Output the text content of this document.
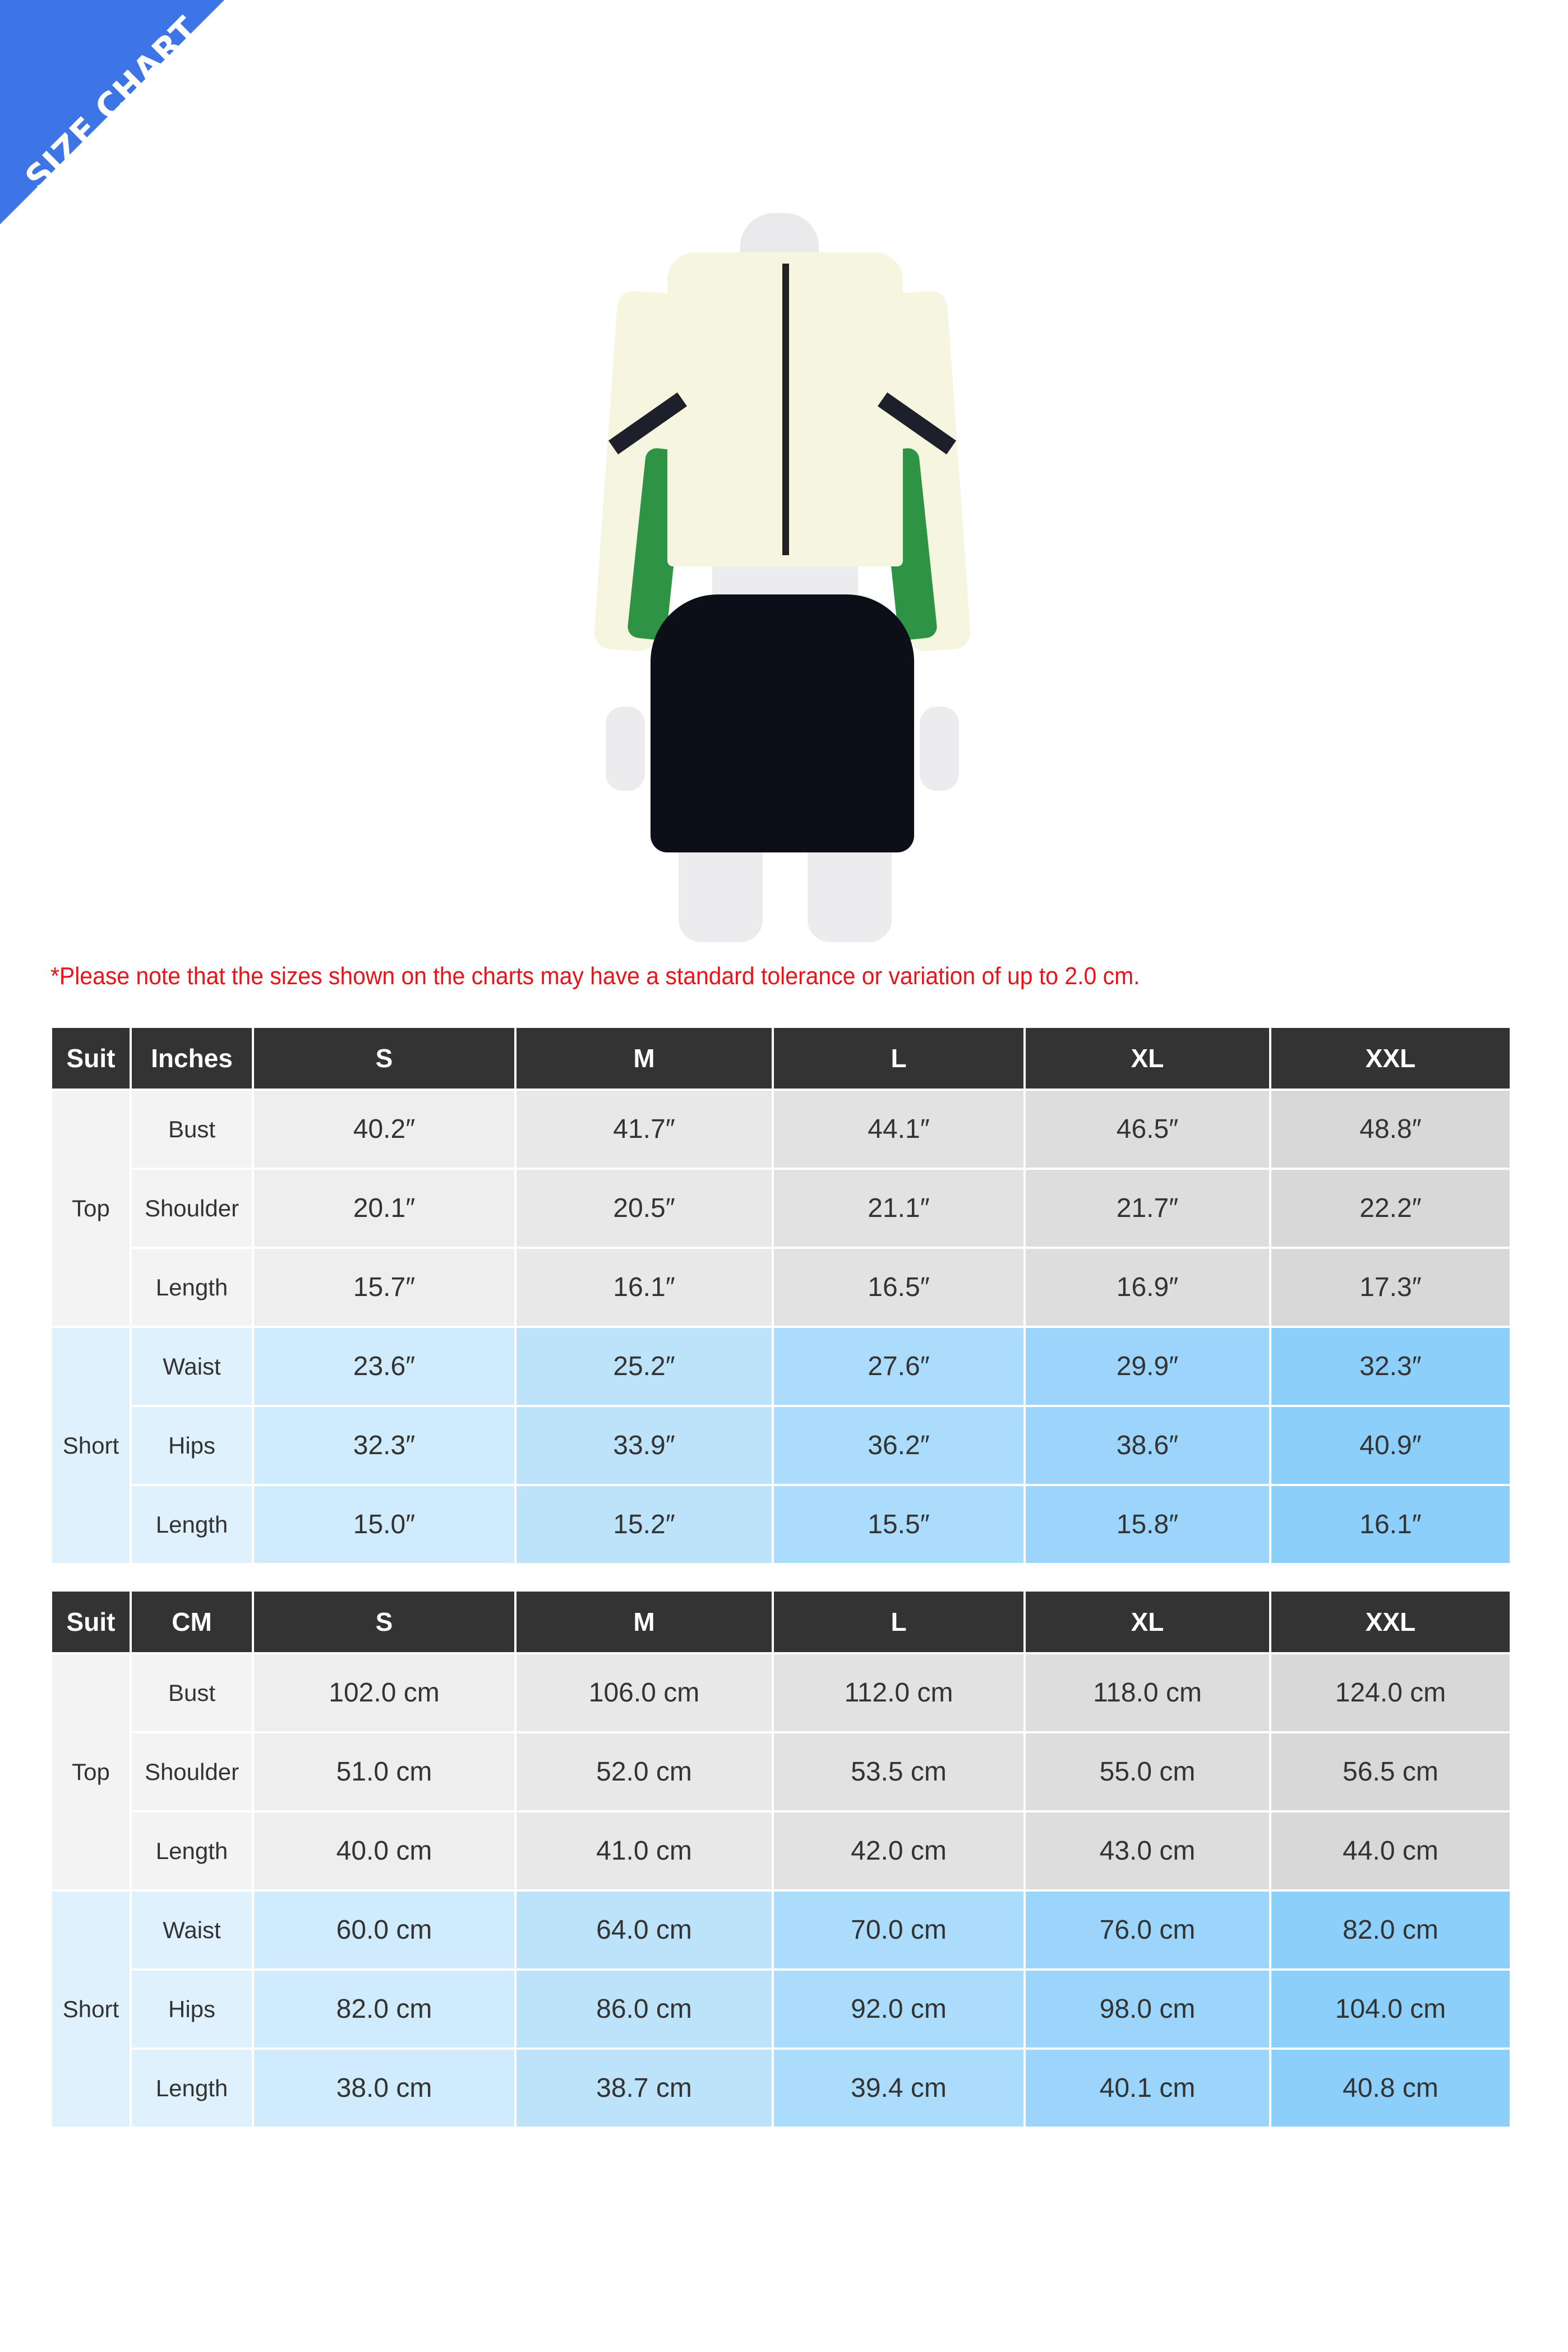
SIZE CHART
*Please note that the sizes shown on the charts may have a standard tolerance or variation of up to 2.0 cm.
Suit	Inches	S	M	L	XL	XXL
Top	Bust	40.2″	41.7″	44.1″	46.5″	48.8″
	Shoulder	20.1″	20.5″	21.1″	21.7″	22.2″
	Length	15.7″	16.1″	16.5″	16.9″	17.3″
Short	Waist	23.6″	25.2″	27.6″	29.9″	32.3″
	Hips	32.3″	33.9″	36.2″	38.6″	40.9″
	Length	15.0″	15.2″	15.5″	15.8″	16.1″
Suit	CM	S	M	L	XL	XXL
Top	Bust	102.0 cm	106.0 cm	112.0 cm	118.0 cm	124.0 cm
	Shoulder	51.0 cm	52.0 cm	53.5 cm	55.0 cm	56.5 cm
	Length	40.0 cm	41.0 cm	42.0 cm	43.0 cm	44.0 cm
Short	Waist	60.0 cm	64.0 cm	70.0 cm	76.0 cm	82.0 cm
	Hips	82.0 cm	86.0 cm	92.0 cm	98.0 cm	104.0 cm
	Length	38.0 cm	38.7 cm	39.4 cm	40.1 cm	40.8 cm
